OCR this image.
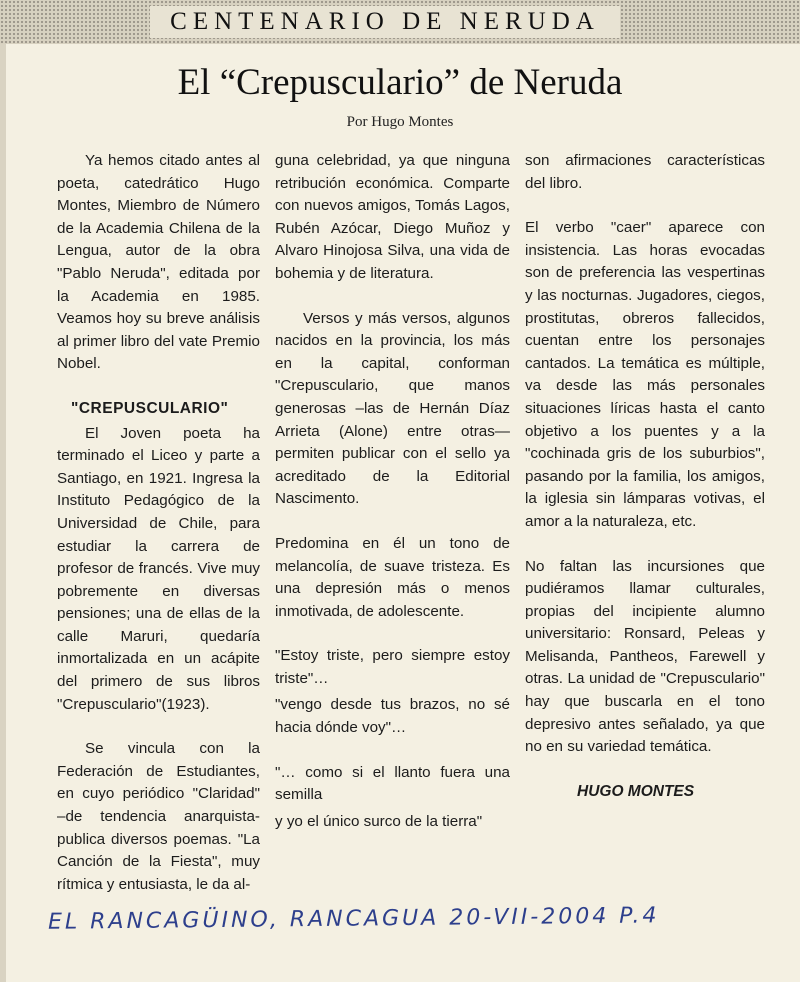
CENTENARIO DE NERUDA
El “Crepusculario” de Neruda
Por Hugo Montes

Ya hemos citado antes al poeta, catedrático Hugo Montes, Miembro de Número de la Academia Chilena de la Lengua, autor de la obra "Pablo Neruda", editada por la Academia en 1985. Veamos hoy su breve análisis al primer libro del vate Premio Nobel.

"CREPUSCULARIO"

El Joven poeta ha terminado el Liceo y parte a Santiago, en 1921. Ingresa la Instituto Pedagógico de la Universidad de Chile, para estudiar la carrera de profesor de francés. Vive muy pobremente en diversas pensiones; una de ellas de la calle Maruri, quedaría inmortalizada en un acápite del primero de sus libros "Crepusculario"(1923).

Se vincula con la Federación de Estudiantes, en cuyo periódico "Claridad" –de tendencia anarquista- publica diversos poemas. "La Canción de la Fiesta", muy rítmica y entusiasta, le da al-

guna celebridad, ya que ninguna retribución económica. Comparte con nuevos amigos, Tomás Lagos, Rubén Azócar, Diego Muñoz y Alvaro Hinojosa Silva, una vida de bohemia y de literatura.

Versos y más versos, algunos nacidos en la provincia, los más en la capital, conforman "Crepusculario, que manos generosas –las de Hernán Díaz Arrieta (Alone) entre otras— permiten publicar con el sello ya acreditado de la Editorial Nascimento.

Predomina en él un tono de melancolía, de suave tristeza. Es una depresión más o menos inmotivada, de adolescente.

"Estoy triste, pero siempre estoy triste"…

"vengo desde tus brazos, no sé hacia dónde voy"…

"… como si el llanto fuera una semilla

y yo el único surco de la tierra"

son afirmaciones características del libro.

El verbo "caer" aparece con insistencia. Las horas evocadas son de preferencia las vespertinas y las nocturnas. Jugadores, ciegos, prostitutas, obreros fallecidos, cuentan entre los personajes cantados. La temática es múltiple, va desde las más personales situaciones líricas hasta el canto objetivo a los puentes y a la "cochinada gris de los suburbios", pasando por la familia, los amigos, la iglesia sin lámparas votivas, el amor a la naturaleza, etc.

No faltan las incursiones que pudiéramos llamar culturales, propias del incipiente alumno universitario: Ronsard, Peleas y Melisanda, Pantheos, Farewell y otras. La unidad de "Crepusculario" hay que buscarla en el tono depresivo antes señalado, ya que no en su variedad temática.

HUGO MONTES
EL RANCAGÜINO, RANCAGUA 20-VII-2004 P.4
